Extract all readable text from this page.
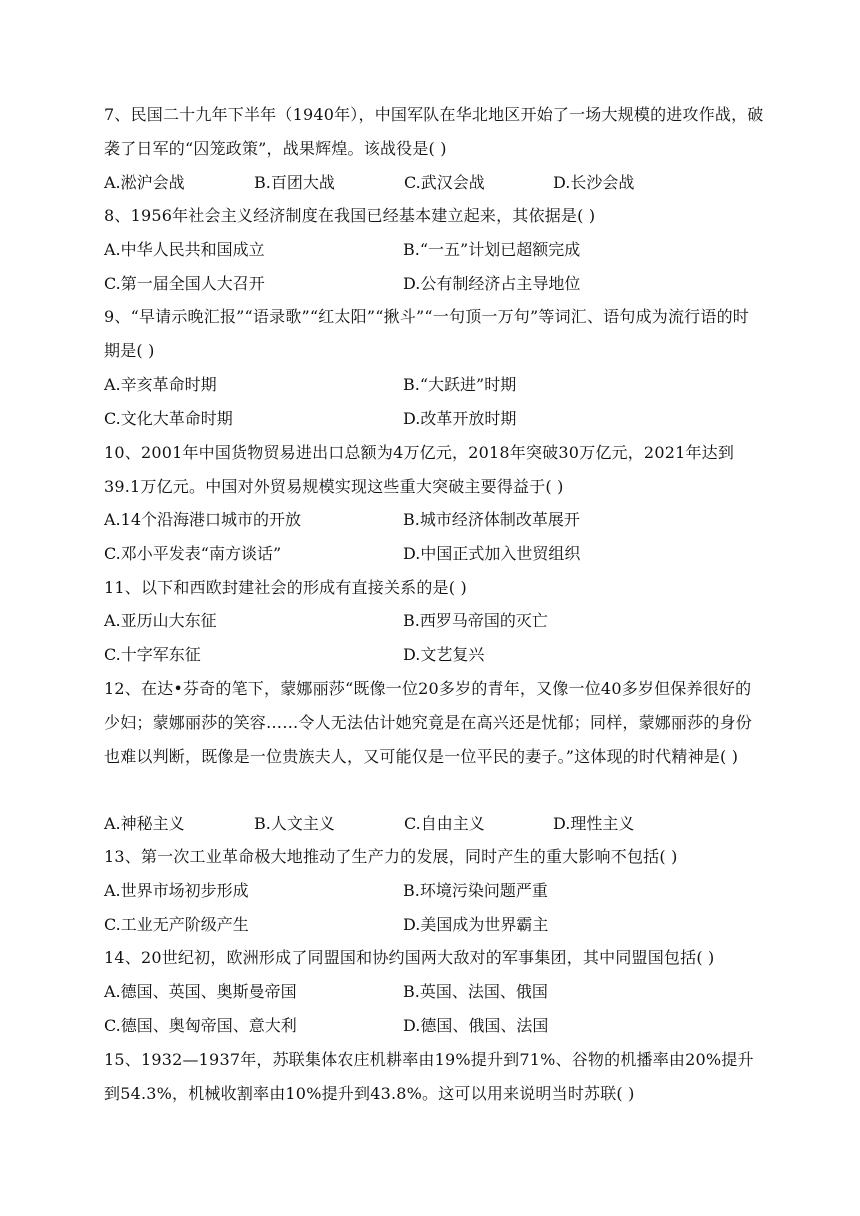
7、民国二十九年下半年（1940年），中国军队在华北地区开始了一场大规模的进攻作战，破袭了日军的“囚笼政策”，战果辉煌。该战役是( )

A.淞沪会战	B.百团大战	C.武汉会战	D.长沙会战

8、1956年社会主义经济制度在我国已经基本建立起来，其依据是( )

A.中华人民共和国成立	B.“一五”计划已超额完成
C.第一届全国人大召开	D.公有制经济占主导地位

9、“早请示晚汇报”“语录歌”“红太阳”“揪斗”“一句顶一万句”等词汇、语句成为流行语的时期是( )

A.辛亥革命时期	B.“大跃进”时期
C.文化大革命时期	D.改革开放时期

10、2001年中国货物贸易进出口总额为4万亿元，2018年突破30万亿元，2021年达到39.1万亿元。中国对外贸易规模实现这些重大突破主要得益于( )

A.14个沿海港口城市的开放	B.城市经济体制改革展开
C.邓小平发表“南方谈话”	D.中国正式加入世贸组织

11、以下和西欧封建社会的形成有直接关系的是( )

A.亚历山大东征	B.西罗马帝国的灭亡
C.十字军东征	D.文艺复兴

12、在达•芬奇的笔下，蒙娜丽莎“既像一位20多岁的青年，又像一位40多岁但保养很好的少妇；蒙娜丽莎的笑容……令人无法估计她究竟是在高兴还是忧郁；同样，蒙娜丽莎的身份也难以判断，既像是一位贵族夫人，又可能仅是一位平民的妻子。”这体现的时代精神是( )

A.神秘主义	B.人文主义	C.自由主义	D.理性主义

13、第一次工业革命极大地推动了生产力的发展，同时产生的重大影响不包括( )

A.世界市场初步形成	B.环境污染问题严重
C.工业无产阶级产生	D.美国成为世界霸主

14、20世纪初，欧洲形成了同盟国和协约国两大敌对的军事集团，其中同盟国包括( )

A.德国、英国、奥斯曼帝国	B.英国、法国、俄国
C.德国、奥匈帝国、意大利	D.德国、俄国、法国

15、1932—1937年，苏联集体农庄机耕率由19%提升到71%、谷物的机播率由20%提升到54.3%，机械收割率由10%提升到43.8%。这可以用来说明当时苏联( )
